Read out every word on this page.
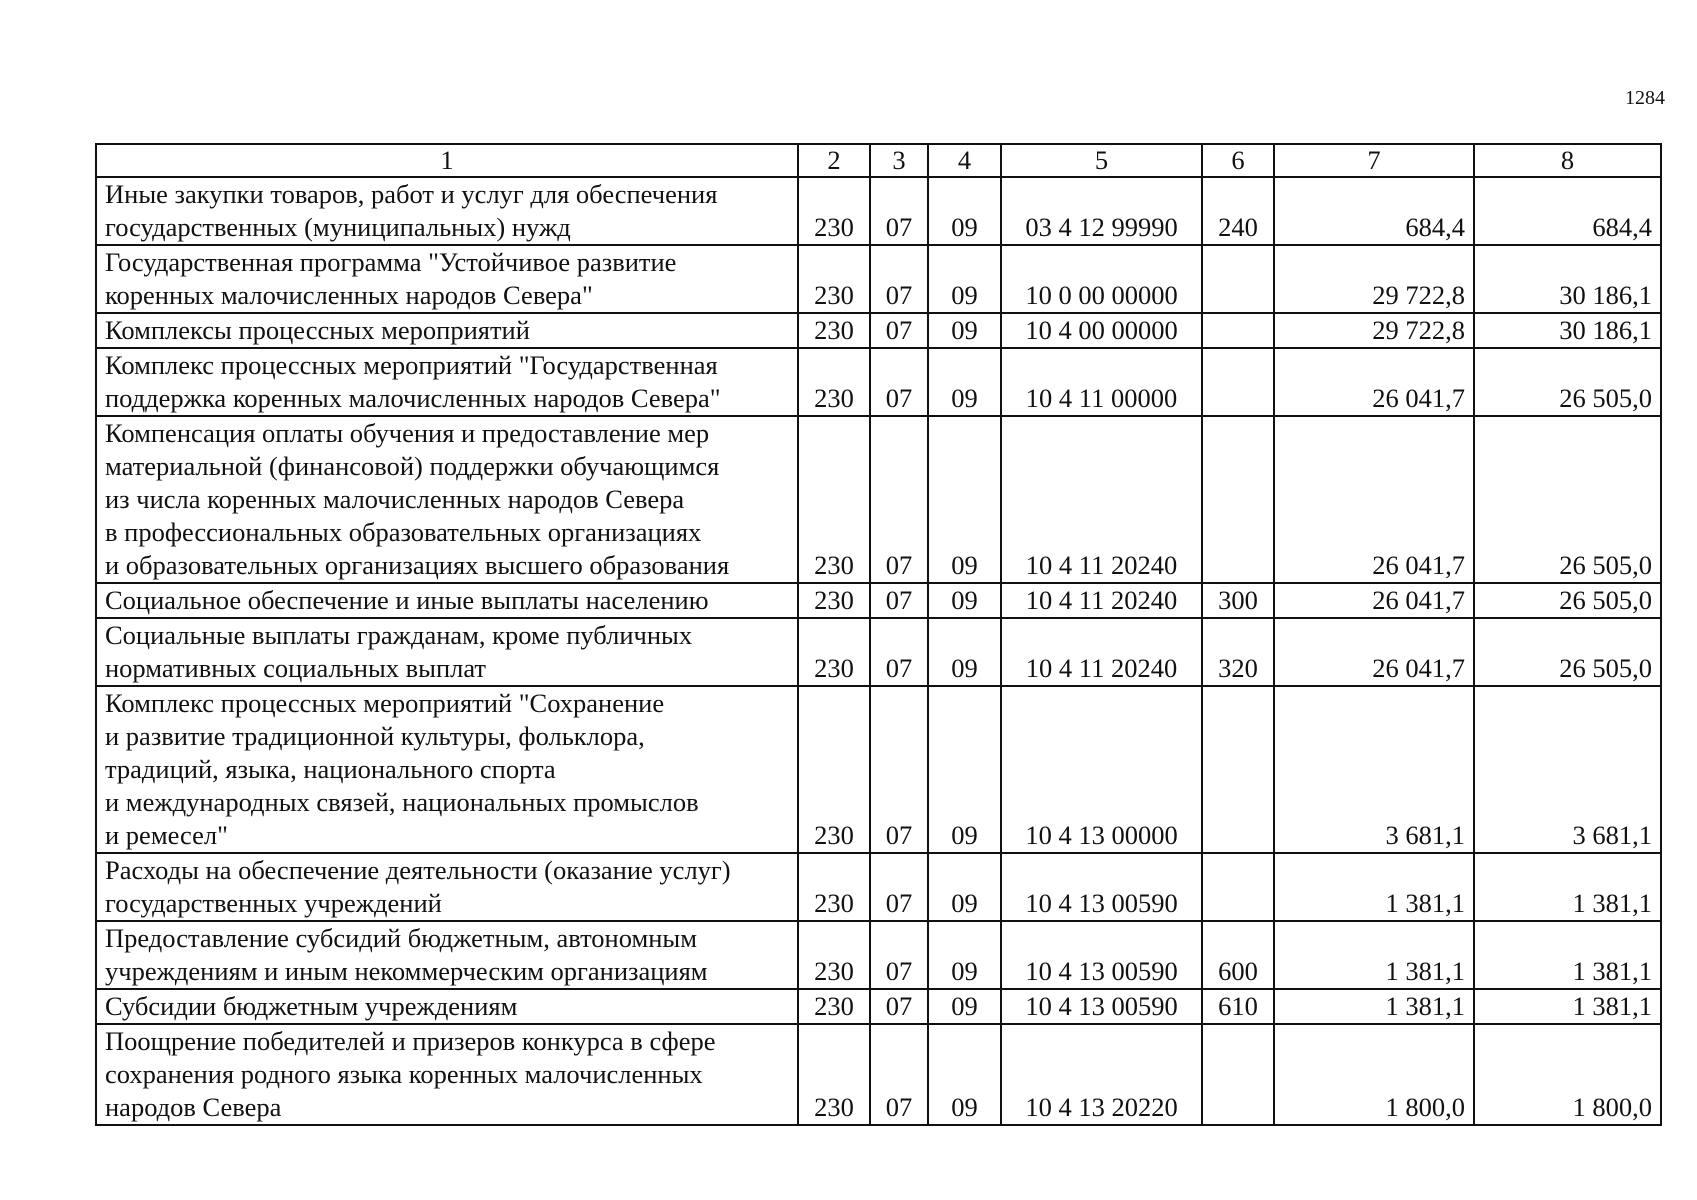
1284
1	2	3	4	5	6	7	8
Иные закупки товаров, работ и услуг для обеспечения
государственных (муниципальных) нужд	230	07	09	03 4 12 99990	240	684,4	684,4
Государственная программа "Устойчивое развитие
коренных малочисленных народов Севера"	230	07	09	10 0 00 00000		29 722,8	30 186,1
Комплексы процессных мероприятий	230	07	09	10 4 00 00000		29 722,8	30 186,1
Комплекс процессных мероприятий "Государственная
поддержка коренных малочисленных народов Севера"	230	07	09	10 4 11 00000		26 041,7	26 505,0
Компенсация оплаты обучения и предоставление мер
материальной (финансовой) поддержки обучающимся
из числа коренных малочисленных народов Севера
в профессиональных образовательных организациях
и образовательных организациях высшего образования	230	07	09	10 4 11 20240		26 041,7	26 505,0
Социальное обеспечение и иные выплаты населению	230	07	09	10 4 11 20240	300	26 041,7	26 505,0
Социальные выплаты гражданам, кроме публичных
нормативных социальных выплат	230	07	09	10 4 11 20240	320	26 041,7	26 505,0
Комплекс процессных мероприятий "Сохранение
и развитие традиционной культуры, фольклора,
традиций, языка, национального спорта
и международных связей, национальных промыслов
и ремесел"	230	07	09	10 4 13 00000		3 681,1	3 681,1
Расходы на обеспечение деятельности (оказание услуг)
государственных учреждений	230	07	09	10 4 13 00590		1 381,1	1 381,1
Предоставление субсидий бюджетным, автономным
учреждениям и иным некоммерческим организациям	230	07	09	10 4 13 00590	600	1 381,1	1 381,1
Субсидии бюджетным учреждениям	230	07	09	10 4 13 00590	610	1 381,1	1 381,1
Поощрение победителей и призеров конкурса в сфере
сохранения родного языка коренных малочисленных
народов Севера	230	07	09	10 4 13 20220		1 800,0	1 800,0
